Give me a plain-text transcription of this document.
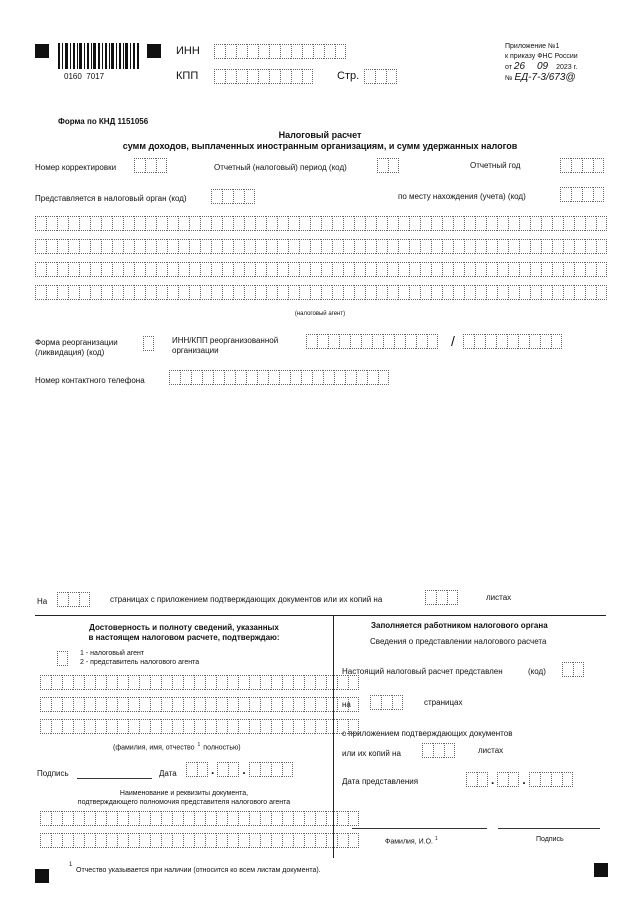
0160  7017
ИНН
КПП	Стр.
Приложение №1
к приказу ФНС России
от 26 09 2023 г.
№ ЕД-7-3/673@
Форма по КНД 1151056
Налоговый расчет
сумм доходов, выплаченных иностранным организациям, и сумм удержанных налогов
Номер корректировки	Отчетный (налоговый) период (код)	Отчетный год
Представляется в налоговый орган (код)	по месту нахождения (учета) (код)
(налоговый агент)
Форма реорганизации
(ликвидация) (код)
ИНН/КПП реорганизованной
организации
/
Номер контактного телефона
На	страницах с приложением подтверждающих документов или их копий на	листах
Достоверность и полноту сведений, указанных
в настоящем налоговом расчете, подтверждаю:
1 - налоговый агент
2 - представитель налогового агента
(фамилия, имя, отчество $^1$ полностью)
Подпись	Дата	. .
Наименование и реквизиты документа,
подтверждающего полномочия представителя налогового агента
Заполняется работником налогового органа
Сведения о представлении налогового расчета
Настоящий налоговый расчет представлен	(код)
на	страницах
с приложением подтверждающих документов
или их копий на	листах
Дата представления	. .
Фамилия, И.О. $^1$	Подпись
1
Отчество указывается при наличии (относится ко всем листам документа).
